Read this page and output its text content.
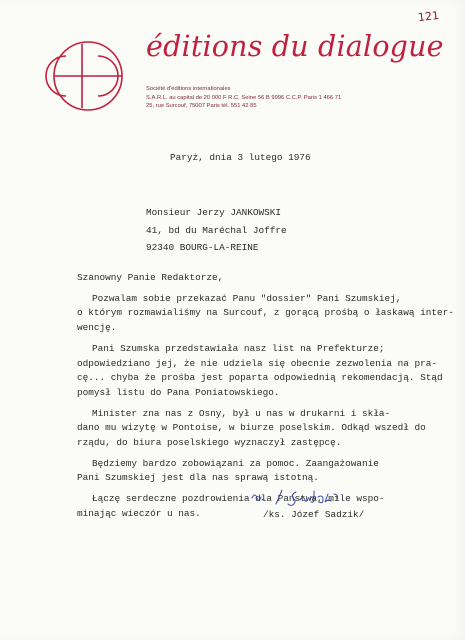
121
éditions du dialogue
Société d'éditions internationales
S.A.R.L. au capital de 20 000 F R.C. Seine 56 B 9996 C.C.P. Paris 1 466 71
25, rue Surcouf, 75007 Paris tél. 551 42 85
Paryż, dnia 3 lutego 1976
Monsieur Jerzy JANKOWSKI
41, bd du Maréchal Joffre
92340 BOURG-LA-REINE

Szanowny Panie Redaktorze,

Pozwalam sobie przekazać Panu "dossier" Pani Szumskiej,
o którym rozmawialiśmy na Surcouf, z gorącą prośbą o łaskawą inter-
wencję.

Pani Szumska przedstawiała nasz list na Prefekturze;
odpowiedziano jej, że nie udziela się obecnie zezwolenia na pra-
cę... chyba że prośba jest poparta odpowiednią rekomendacją. Stąd
pomysł listu do Pana Poniatowskiego.

Minister zna nas z Osny, był u nas w drukarni i skła-
dano mu wizytę w Pontoise, w biurze poselskim. Odkąd wszedł do
rządu, do biura poselskiego wyznaczył zastępcę.

Będziemy bardzo zobowiązani za pomoc. Zaangażowanie
Pani Szumskiej jest dla nas sprawą istotną.

Łączę serdeczne pozdrowienia dla Państwa, mile wspo-
minając wieczór u nas.	/ks. Józef Sadzik/
